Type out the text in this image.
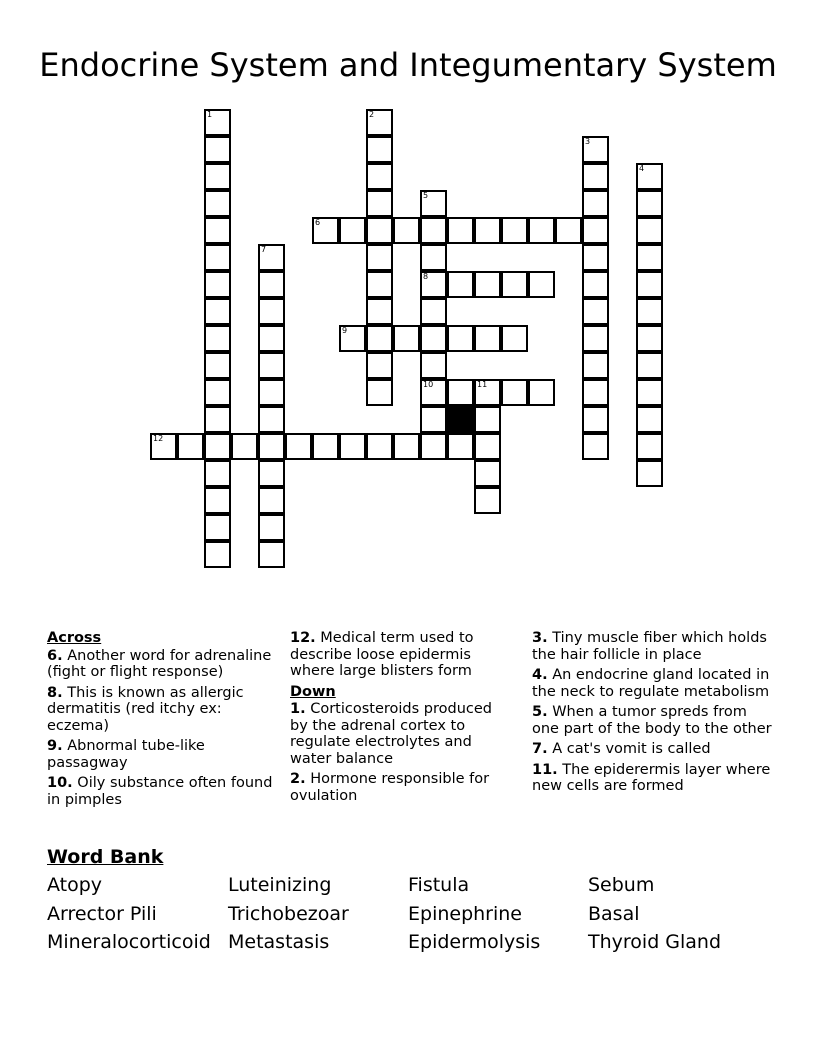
Endocrine System and Integumentary System
1	2
3
4
5
8
10
6
7
9
11
12
Across
6. Another word for adrenaline (fight or flight response)
8. This is known as allergic dermatitis (red itchy ex: eczema)
9. Abnormal tube-like passagway
10. Oily substance often found in pimples
12. Medical term used to describe loose epidermis where large blisters form
Down
1. Corticosteroids produced by the adrenal cortex to regulate electrolytes and water balance
2. Hormone responsible for ovulation
3. Tiny muscle fiber which holds the hair follicle in place
4. An endocrine gland located in the neck to regulate metabolism
5. When a tumor spreds from one part of the body to the other
7. A cat's vomit is called
11. The epiderermis layer where new cells are formed
Word Bank
Atopy	Luteinizing	Fistula	Sebum
Arrector Pili	Trichobezoar	Epinephrine	Basal
Mineralocorticoid Metastasis	Epidermolysis	Thyroid Gland
